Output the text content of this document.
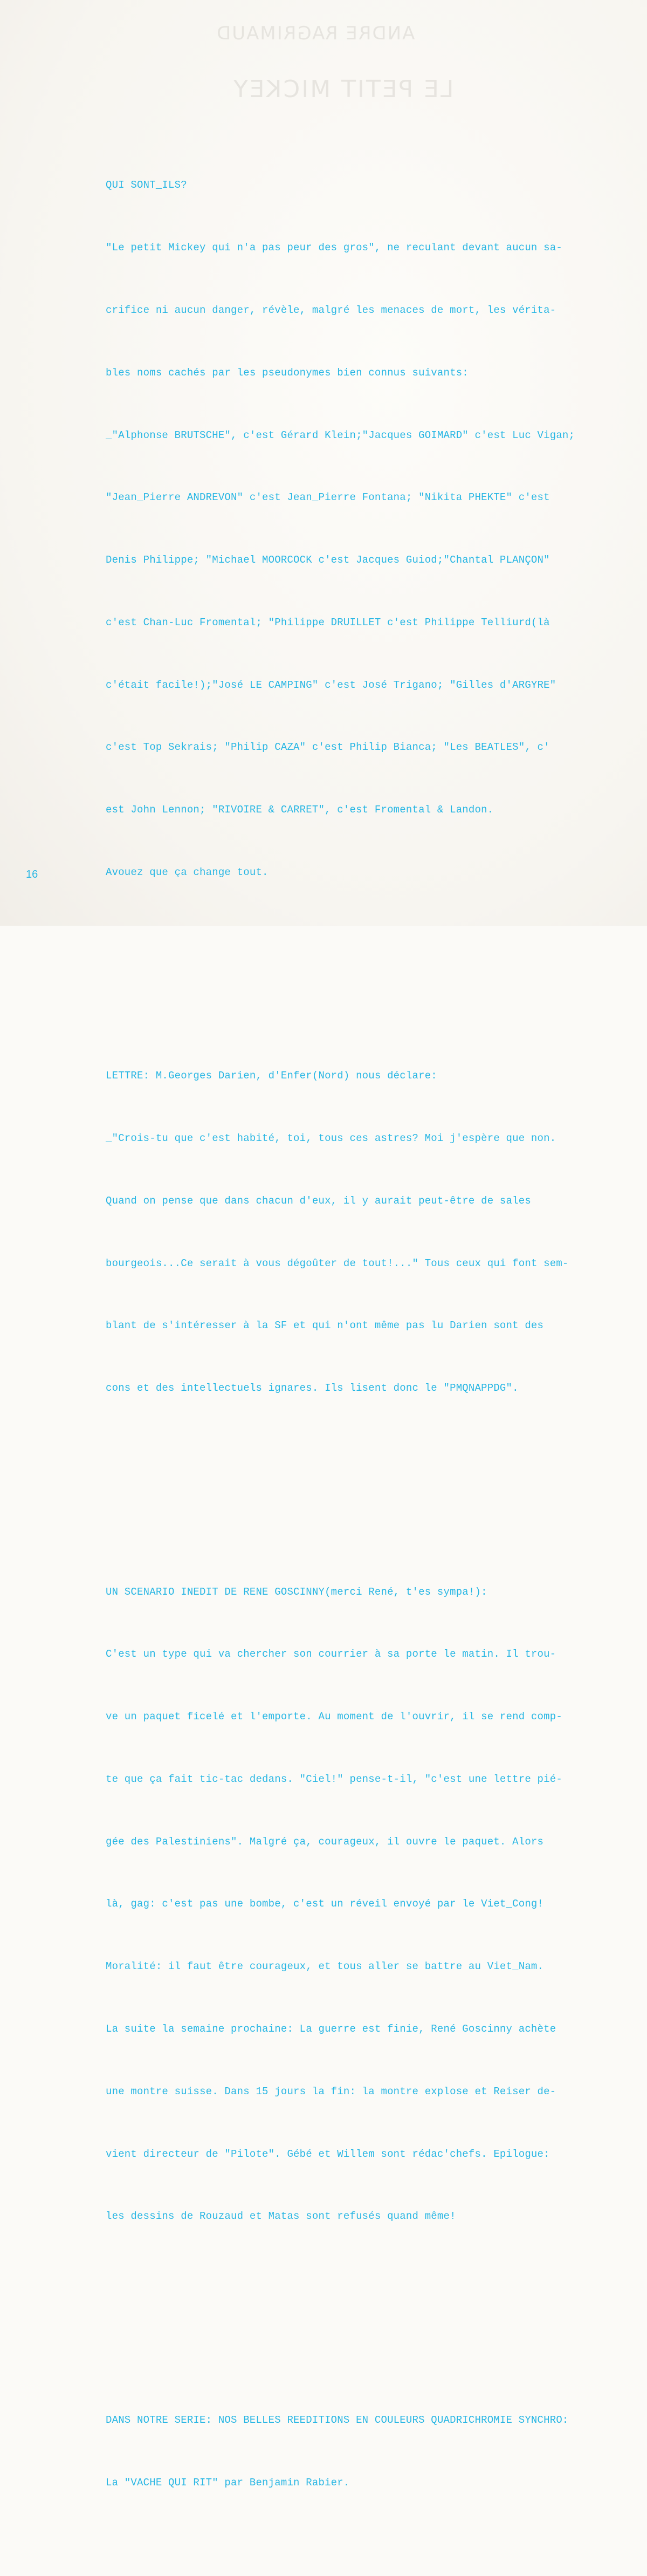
ANDRE RAGRIMAUD
LE PETIT MICKEY

QUI SONT_ILS?

"Le petit Mickey qui n'a pas peur des gros", ne reculant devant aucun sa-

crifice ni aucun danger, révèle, malgré les menaces de mort, les vérita-

bles noms cachés par les pseudonymes bien connus suivants:

_"Alphonse BRUTSCHE", c'est Gérard Klein;"Jacques GOIMARD" c'est Luc Vigan;

"Jean_Pierre ANDREVON" c'est Jean_Pierre Fontana; "Nikita PHEKTE" c'est

Denis Philippe; "Michael MOORCOCK c'est Jacques Guiod;"Chantal PLANÇON"

c'est Chan-Luc Fromental; "Philippe DRUILLET c'est Philippe Telliurd(là

c'était facile!);"José LE CAMPING" c'est José Trigano; "Gilles d'ARGYRE"

c'est Top Sekrais; "Philip CAZA" c'est Philip Bianca; "Les BEATLES", c'

est John Lennon; "RIVOIRE & CARRET", c'est Fromental & Landon.

Avouez que ça change tout.

LETTRE: M.Georges Darien, d'Enfer(Nord) nous déclare:

_"Crois-tu que c'est habité, toi, tous ces astres? Moi j'espère que non.

Quand on pense que dans chacun d'eux, il y aurait peut-être de sales

bourgeois...Ce serait à vous dégoûter de tout!..." Tous ceux qui font sem-

blant de s'intéresser à la SF et qui n'ont même pas lu Darien sont des

cons et des intellectuels ignares. Ils lisent donc le "PMQNAPPDG".

UN SCENARIO INEDIT DE RENE GOSCINNY(merci René, t'es sympa!):

C'est un type qui va chercher son courrier à sa porte le matin. Il trou-

ve un paquet ficelé et l'emporte. Au moment de l'ouvrir, il se rend comp-

te que ça fait tic-tac dedans. "Ciel!" pense-t-il, "c'est une lettre pié-

gée des Palestiniens". Malgré ça, courageux, il ouvre le paquet. Alors

là, gag: c'est pas une bombe, c'est un réveil envoyé par le Viet_Cong!

Moralité: il faut être courageux, et tous aller se battre au Viet_Nam.

La suite la semaine prochaine: La guerre est finie, René Goscinny achète

une montre suisse. Dans 15 jours la fin: la montre explose et Reiser de-

vient directeur de "Pilote". Gébé et Willem sont rédac'chefs. Epilogue:

les dessins de Rouzaud et Matas sont refusés quand même!

DANS NOTRE SERIE: NOS BELLES REEDITIONS EN COULEURS QUADRICHROMIE SYNCHRO:

La "VACHE QUI RIT" par Benjamin Rabier.

16
